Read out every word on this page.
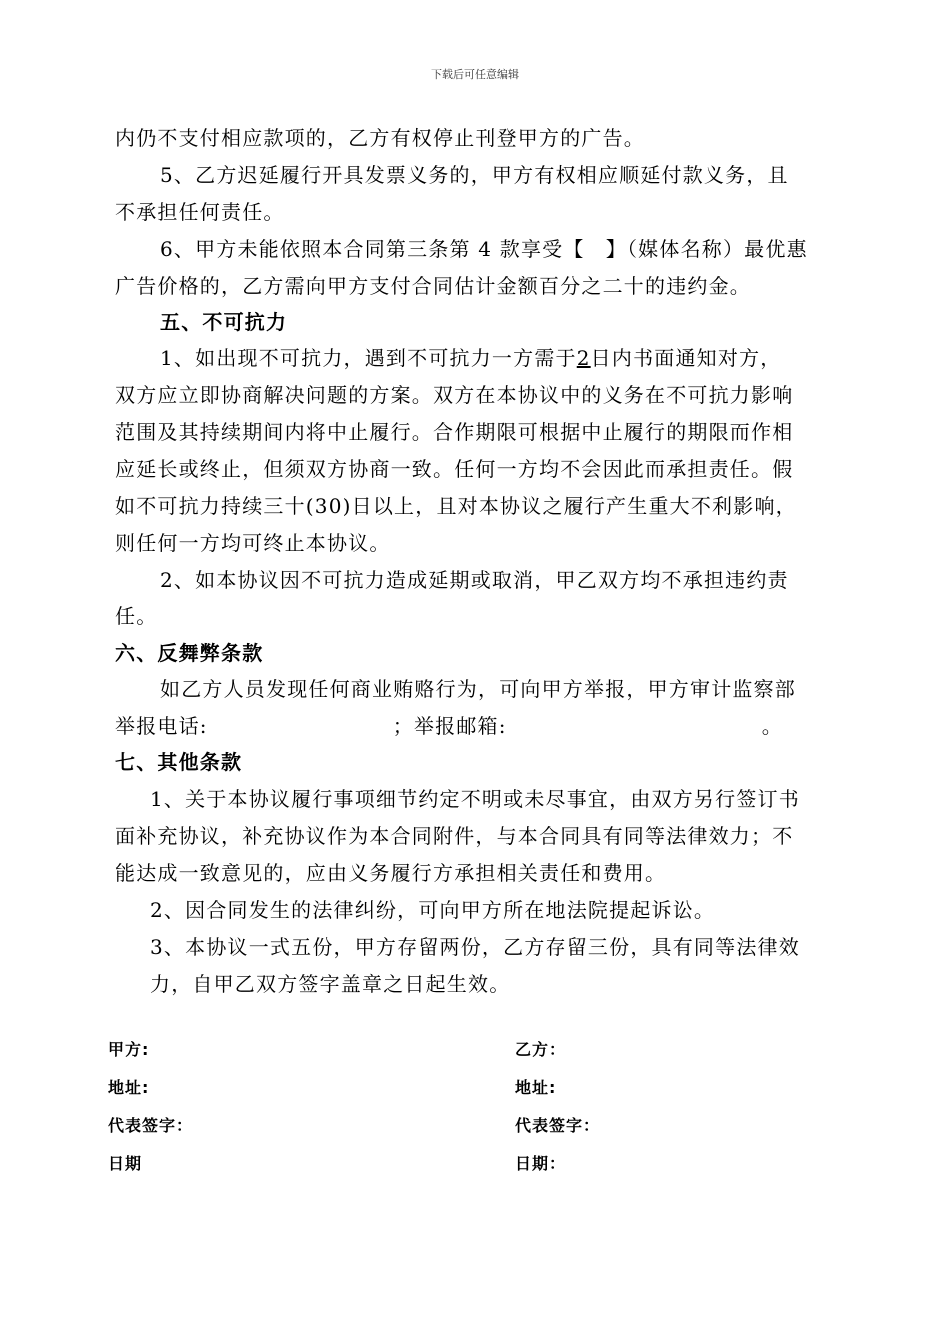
下载后可任意编辑
内仍不支付相应款项的，乙方有权停止刊登甲方的广告。
5、乙方迟延履行开具发票义务的，甲方有权相应顺延付款义务，且
不承担任何责任。
6、甲方未能依照本合同第三条第 4 款享受【　】（媒体名称）最优惠
广告价格的，乙方需向甲方支付合同估计金额百分之二十的违约金。
五、不可抗力
1、如出现不可抗力，遇到不可抗力一方需于2日内书面通知对方，
双方应立即协商解决问题的方案。双方在本协议中的义务在不可抗力影响
范围及其持续期间内将中止履行。合作期限可根据中止履行的期限而作相
应延长或终止，但须双方协商一致。任何一方均不会因此而承担责任。假
如不可抗力持续三十(30)日以上，且对本协议之履行产生重大不利影响，
则任何一方均可终止本协议。
2、如本协议因不可抗力造成延期或取消，甲乙双方均不承担违约责
任。
六、反舞弊条款
如乙方人员发现任何商业贿赂行为，可向甲方举报，甲方审计监察部
举报电话:	；举报邮箱:	。
七、其他条款
1、关于本协议履行事项细节约定不明或未尽事宜，由双方另行签订书
面补充协议，补充协议作为本合同附件，与本合同具有同等法律效力；不
能达成一致意见的，应由义务履行方承担相关责任和费用。
2、因合同发生的法律纠纷，可向甲方所在地法院提起诉讼。
3、本协议一式五份，甲方存留两份，乙方存留三份，具有同等法律效
力，自甲乙双方签字盖章之日起生效。
甲方:	乙方：
地址:	地址:
代表签字：	代表签字：
日期	日期：
